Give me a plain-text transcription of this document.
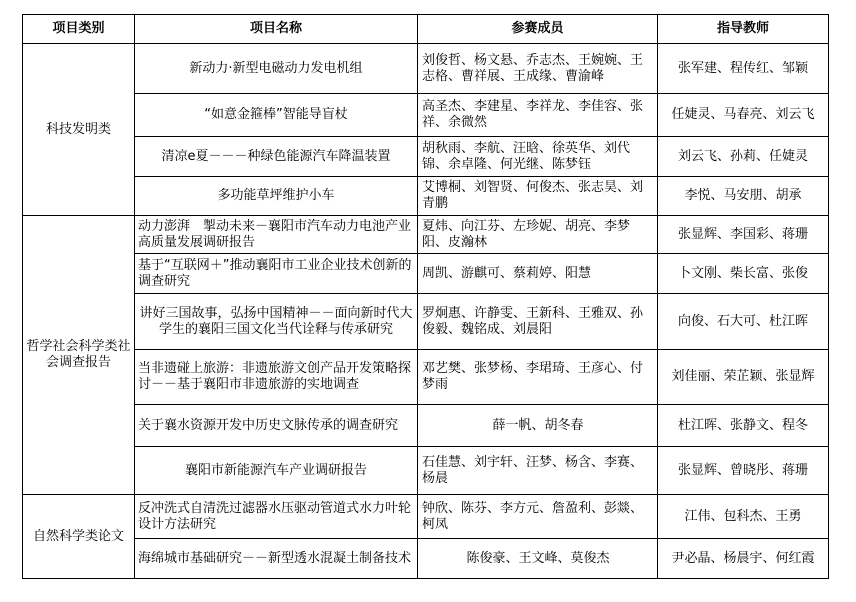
项目类别	项目名称	参赛成员	指导教师
科技发明类	新动力·新型电磁动力发电机组	刘俊哲、杨文悬、乔志杰、王婉婉、王志格、曹祥展、王成缘、曹渝峰	张军建、程传红、邹颖
	“如意金箍棒”智能导盲杖	高圣杰、李建星、李祥龙、李佳容、张祥、余微然	任婕灵、马春亮、刘云飞
	清凉e夏－－－种绿色能源汽车降温装置	胡秋雨、李航、汪晗、徐英华、刘代锦、余卓隆、何光继、陈梦钰	刘云飞、孙莉、任婕灵
	多功能草坪维护小车	艾博桐、刘智贤、何俊杰、张志昊、刘青鹏	李悦、马安朋、胡承
哲学社会科学类社会调查报告	动力澎湃　掣动未来－襄阳市汽车动力电池产业高质量发展调研报告	夏炜、向江芬、左珍妮、胡亮、李梦阳、皮瀚林	张显辉、李国彩、蒋珊
	基于“互联网＋”推动襄阳市工业企业技术创新的调查研究	周凯、游麒可、蔡莉婷、阳慧	卜文刚、柴长富、张俊
	讲好三国故事，弘扬中国精神－－面向新时代大学生的襄阳三国文化当代诠释与传承研究	罗炯惠、许静雯、王新科、王雅双、孙俊毅、魏铭成、刘晨阳	向俊、石大可、杜江晖
	当非遗碰上旅游：非遗旅游文创产品开发策略探讨－－基于襄阳市非遗旅游的实地调查	邓艺樊、张梦杨、李珺琦、王彦心、付梦雨	刘佳丽、荣芷颖、张显辉
	关于襄水资源开发中历史文脉传承的调查研究	薛一帆、胡冬春	杜江晖、张静文、程冬
	襄阳市新能源汽车产业调研报告	石佳慧、刘宇轩、汪梦、杨含、李赛、杨晨	张显辉、曾晓彤、蒋珊
自然科学类论文	反冲洗式自清洗过滤器水压驱动管道式水力叶轮设计方法研究	钟欣、陈芬、李方元、詹盈利、彭燚、柯凤	江伟、包科杰、王勇
	海绵城市基础研究－－新型透水混凝土制备技术	陈俊豪、王文峰、莫俊杰	尹必晶、杨晨宇、何红霞
